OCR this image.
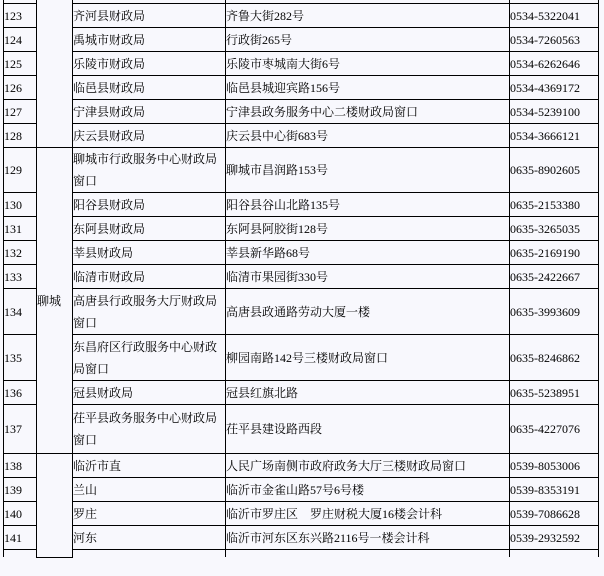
123		齐河县财政局	齐鲁大街282号	0534-5322041
124		禹城市财政局	行政街265号	0534-7260563
125		乐陵市财政局	乐陵市枣城南大街6号	0534-6262646
126		临邑县财政局	临邑县城迎宾路156号	0534-4369172
127		宁津县财政局	宁津县政务服务中心二楼财政局窗口	0534-5239100
128		庆云县财政局	庆云县中心街683号	0534-3666121
129	聊城	聊城市行政服务中心财政局窗口	聊城市昌润路153号	0635-8902605
130		阳谷县财政局	阳谷县谷山北路135号	0635-2153380
131		东阿县财政局	东阿县阿胶街128号	0635-3265035
132		莘县财政局	莘县新华路68号	0635-2169190
133		临清市财政局	临清市果园街330号	0635-2422667
134		高唐县行政服务大厅财政局窗口	高唐县政通路劳动大厦一楼	0635-3993609
135		东昌府区行政服务中心财政局窗口	柳园南路142号三楼财政局窗口	0635-8246862
136		冠县财政局	冠县红旗北路	0635-5238951
137		茌平县政务服务中心财政局窗口	茌平县建设路西段	0635-4227076
138		临沂市直	人民广场南侧市政府政务大厅三楼财政局窗口	0539-8053006
139		兰山	临沂市金雀山路57号6号楼	0539-8353191
140		罗庄	临沂市罗庄区　罗庄财税大厦16楼会计科	0539-7086628
141		河东	临沂市河东区东兴路2116号一楼会计科	0539-2932592
